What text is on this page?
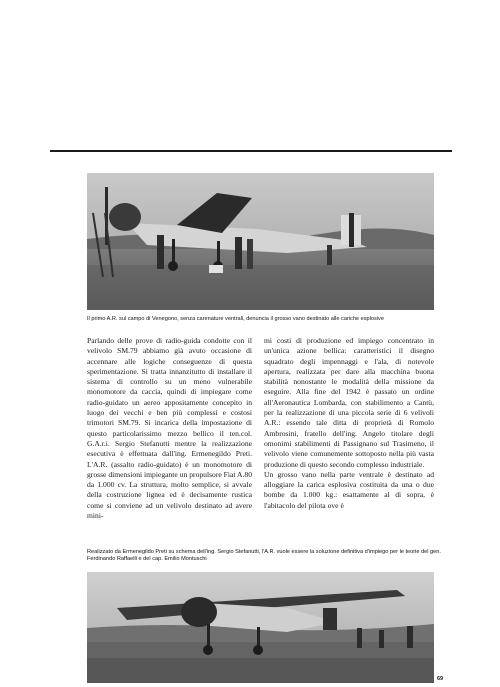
Il primo A.R. sul campo di Venegono, senza carenature ventrali, denuncia il grosso vano destinato alle cariche esplosive

Parlando delle prove di radio-guida condotte con il velivolo SM.79 abbiamo già avuto occasione di accennare alle logiche conseguenze di questa sperimentazione. Si tratta innanzitutto di installare il sistema di controllo su un meno vulnerabile monomotore da caccia, quindi di impiegare come radio-guidato un aereo appositamente concepito in luogo dei vecchi e ben più complessi e costosi trimotori SM.79. Si incarica della impostazione di questo particolarissimo mezzo bellico il ten.col. G.A.r.i. Sergio Stefanutti mentre la realizzazione esecutiva è effettuata dall'ing. Ermenegildo Preti. L'A.R. (assalto radio-guidato) è un monomotore di grosse dimensioni impiegante un propulsore Fiat A.80 da 1.000 cv. La struttura, molto semplice, si avvale della costruzione lignea ed è decisamente rustica come si conviene ad un velivolo destinato ad avere mini-

mi costi di produzione ed impiego concentrato in un'unica azione bellica: caratteristici il disegno squadrato degli impennaggi e l'ala, di notevole apertura, realizzata per dare alla macchina buona stabilità nonostante le modalità della missione da eseguire. Alla fine del 1942 è passato un ordine all'Aeronautica Lombarda, con stabilimento a Cantù, per la realizzazione di una piccola serie di 6 velivoli A.R.: essendo tale ditta di proprietà di Romolo Ambrosini, fratello dell'ing. Angelo titolare degli omonimi stabilimenti di Passignano sul Trasimeno, il velivolo viene comunemente sottoposto nella più vasta produzione di questo secondo complesso industriale.

Un grosso vano nella parte ventrale è destinato ad alloggiare la carica esplosiva costituita da una o due bombe da 1.000 kg.: esattamente al di sopra, è l'abitacolo del pilota ove è

Realizzato da Ermenegildo Preti su schema dell'ing. Sergio Stefanutti, l'A.R. vuole essere la soluzione definitiva d'impiego per le teorie del gen. Ferdinando Raffaelli e del cap. Emilio Montuschi
69
